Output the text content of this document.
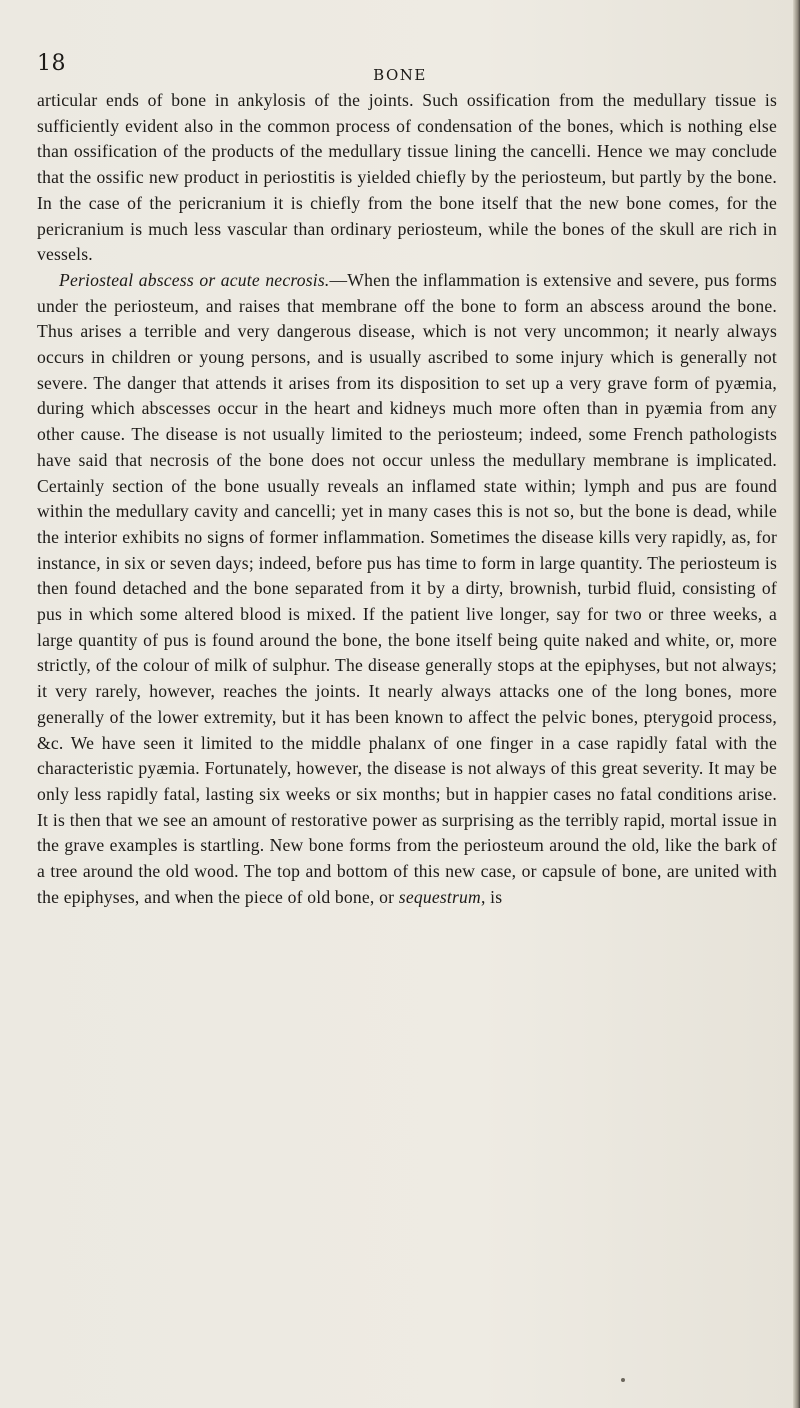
18	BONE

articular ends of bone in ankylosis of the joints. Such ossification from the medullary tissue is sufficiently evident also in the common process of condensation of the bones, which is nothing else than ossification of the products of the medullary tissue lining the cancelli. Hence we may conclude that the ossific new product in periostitis is yielded chiefly by the periosteum, but partly by the bone. In the case of the pericranium it is chiefly from the bone itself that the new bone comes, for the pericranium is much less vascular than ordinary periosteum, while the bones of the skull are rich in vessels.

Periosteal abscess or acute necrosis.—When the inflammation is extensive and severe, pus forms under the periosteum, and raises that membrane off the bone to form an abscess around the bone. Thus arises a terrible and very dangerous disease, which is not very uncommon; it nearly always occurs in children or young persons, and is usually ascribed to some injury which is generally not severe. The danger that attends it arises from its disposition to set up a very grave form of pyæmia, during which abscesses occur in the heart and kidneys much more often than in pyæmia from any other cause. The disease is not usually limited to the periosteum; indeed, some French pathologists have said that necrosis of the bone does not occur unless the medullary membrane is implicated. Certainly section of the bone usually reveals an inflamed state within; lymph and pus are found within the medullary cavity and cancelli; yet in many cases this is not so, but the bone is dead, while the interior exhibits no signs of former inflammation. Sometimes the disease kills very rapidly, as, for instance, in six or seven days; indeed, before pus has time to form in large quantity. The periosteum is then found detached and the bone separated from it by a dirty, brownish, turbid fluid, consisting of pus in which some altered blood is mixed. If the patient live longer, say for two or three weeks, a large quantity of pus is found around the bone, the bone itself being quite naked and white, or, more strictly, of the colour of milk of sulphur. The disease generally stops at the epiphyses, but not always; it very rarely, however, reaches the joints. It nearly always attacks one of the long bones, more generally of the lower extremity, but it has been known to affect the pelvic bones, pterygoid process, &c. We have seen it limited to the middle phalanx of one finger in a case rapidly fatal with the characteristic pyæmia. Fortunately, however, the disease is not always of this great severity. It may be only less rapidly fatal, lasting six weeks or six months; but in happier cases no fatal conditions arise. It is then that we see an amount of restorative power as surprising as the terribly rapid, mortal issue in the grave examples is startling. New bone forms from the periosteum around the old, like the bark of a tree around the old wood. The top and bottom of this new case, or capsule of bone, are united with the epiphyses, and when the piece of old bone, or sequestrum, is
